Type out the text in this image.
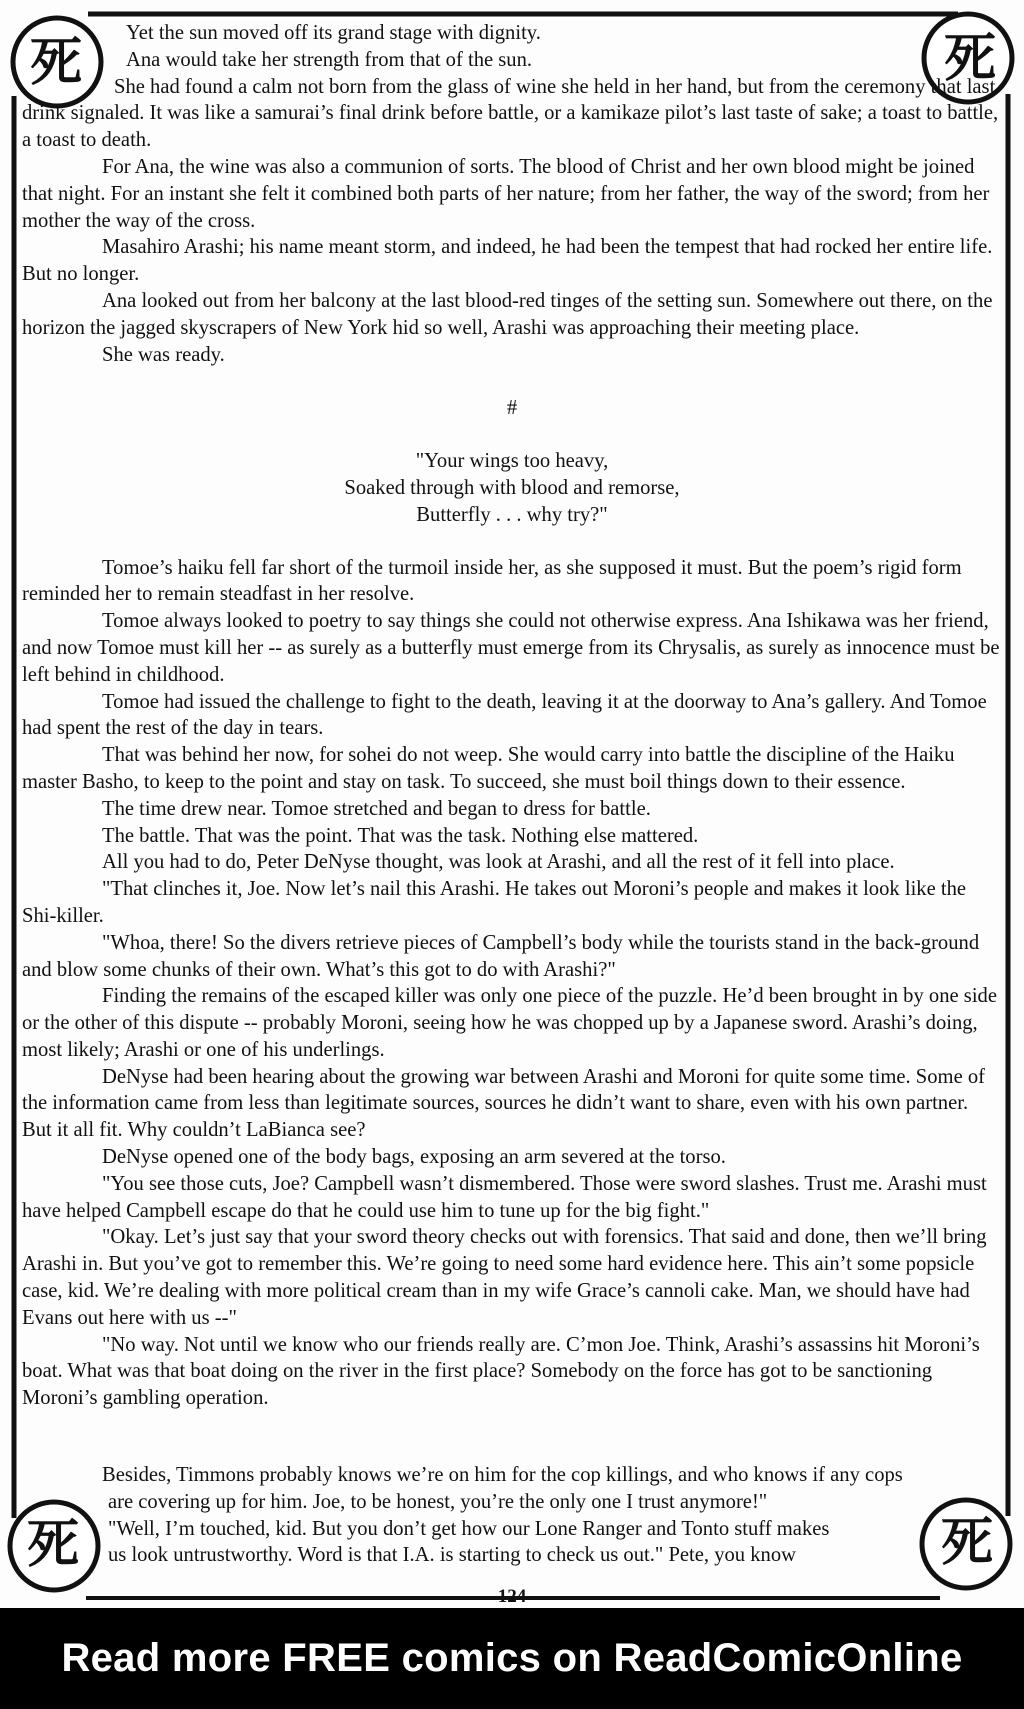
死	死
死	死

Yet the sun moved off its grand stage with dignity.

Ana would take her strength from that of the sun.

She had found a calm not born from the glass of wine she held in her hand, but from the ceremony that last drink signaled. It was like a samurai’s final drink before battle, or a kamikaze pilot’s last taste of sake; a toast to battle, a toast to death.

For Ana, the wine was also a communion of sorts. The blood of Christ and her own blood might be joined that night. For an instant she felt it combined both parts of her nature; from her father, the way of the sword; from her mother the way of the cross.

Masahiro Arashi; his name meant storm, and indeed, he had been the tempest that had rocked her entire life. But no longer.

Ana looked out from her balcony at the last blood-red tinges of the setting sun. Somewhere out there, on the horizon the jagged skyscrapers of New York hid so well, Arashi was approaching their meeting place.

She was ready.

#

"Your wings too heavy,
Soaked through with blood and remorse,
Butterfly . . . why try?"

Tomoe’s haiku fell far short of the turmoil inside her, as she supposed it must. But the poem’s rigid form reminded her to remain steadfast in her resolve.

Tomoe always looked to poetry to say things she could not otherwise express. Ana Ishikawa was her friend, and now Tomoe must kill her -- as surely as a butterfly must emerge from its Chrysalis, as surely as innocence must be left behind in childhood.

Tomoe had issued the challenge to fight to the death, leaving it at the doorway to Ana’s gallery. And Tomoe had spent the rest of the day in tears.

That was behind her now, for sohei do not weep. She would carry into battle the discipline of the Haiku master Basho, to keep to the point and stay on task. To succeed, she must boil things down to their essence.

The time drew near. Tomoe stretched and began to dress for battle.

The battle. That was the point. That was the task. Nothing else mattered.

All you had to do, Peter DeNyse thought, was look at Arashi, and all the rest of it fell into place.

"That clinches it, Joe. Now let’s nail this Arashi. He takes out Moroni’s people and makes it look like the Shi-killer.

"Whoa, there! So the divers retrieve pieces of Campbell’s body while the tourists stand in the back-ground and blow some chunks of their own. What’s this got to do with Arashi?"

Finding the remains of the escaped killer was only one piece of the puzzle. He’d been brought in by one side or the other of this dispute -- probably Moroni, seeing how he was chopped up by a Japanese sword. Arashi’s doing, most likely; Arashi or one of his underlings.

DeNyse had been hearing about the growing war between Arashi and Moroni for quite some time. Some of the information came from less than legitimate sources, sources he didn’t want to share, even with his own partner. But it all fit. Why couldn’t LaBianca see?

DeNyse opened one of the body bags, exposing an arm severed at the torso.

"You see those cuts, Joe? Campbell wasn’t dismembered. Those were sword slashes. Trust me. Arashi must have helped Campbell escape do that he could use him to tune up for the big fight."

"Okay. Let’s just say that your sword theory checks out with forensics. That said and done, then we’ll bring Arashi in. But you’ve got to remember this. We’re going to need some hard evidence here. This ain’t some popsicle case, kid. We’re dealing with more political cream than in my wife Grace’s cannoli cake. Man, we should have had Evans out here with us --"

"No way. Not until we know who our friends really are. C’mon Joe. Think, Arashi’s assassins hit Moroni’s boat. What was that boat doing on the river in the first place? Somebody on the force has got to be sanctioning Moroni’s gambling operation.

Besides, Timmons probably knows we’re on him for the cop killings, and who knows if any cops

are covering up for him. Joe, to be honest, you’re the only one I trust anymore!"

"Well, I’m touched, kid. But you don’t get how our Lone Ranger and Tonto stuff makes

us look untrustworthy. Word is that I.A. is starting to check us out." Pete, you know

124
Read more FREE comics on ReadComicOnline
